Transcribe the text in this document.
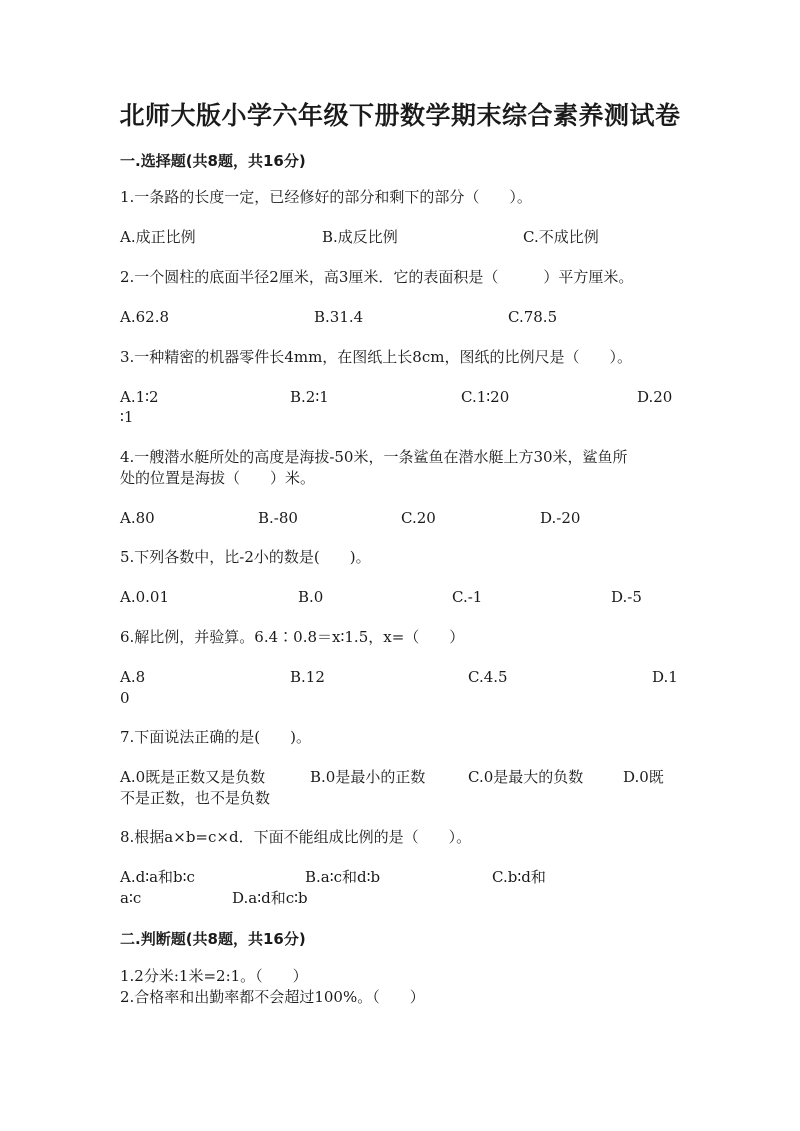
北师大版小学六年级下册数学期末综合素养测试卷
一.选择题(共8题，共16分)
1.一条路的长度一定，已经修好的部分和剩下的部分（　　）。
A.成正比例	B.成反比例	C.不成比例
2.一个圆柱的底面半径2厘米，高3厘米．它的表面积是（　　　）平方厘米。
A.62.8	B.31.4	C.78.5
3.一种精密的机器零件长4mm，在图纸上长8cm，图纸的比例尺是（　　）。
A.1∶2	B.2∶1	C.1∶20	D.20
∶1
4.一艘潜水艇所处的高度是海拔-50米，一条鲨鱼在潜水艇上方30米，鲨鱼所
处的位置是海拔（　　）米。
A.80	B.-80	C.20	D.-20
5.下列各数中，比-2小的数是(　　)。
A.0.01	B.0	C.-1	D.-5
6.解比例，并验算。6.4∶0.8＝x∶1.5，x=（　　）
A.8	B.12	C.4.5	D.1
0
7.下面说法正确的是(　　)。
A.0既是正数又是负数	B.0是最小的正数	C.0是最大的负数	D.0既
不是正数，也不是负数
8.根据a×b=c×d．下面不能组成比例的是（　　）。
A.d∶a和b∶c	B.a∶c和d∶b	C.b∶d和
a∶c	D.a∶d和c∶b
二.判断题(共8题，共16分)
1.2分米:1米=2:1。（　　）
2.合格率和出勤率都不会超过100%。（　　）
